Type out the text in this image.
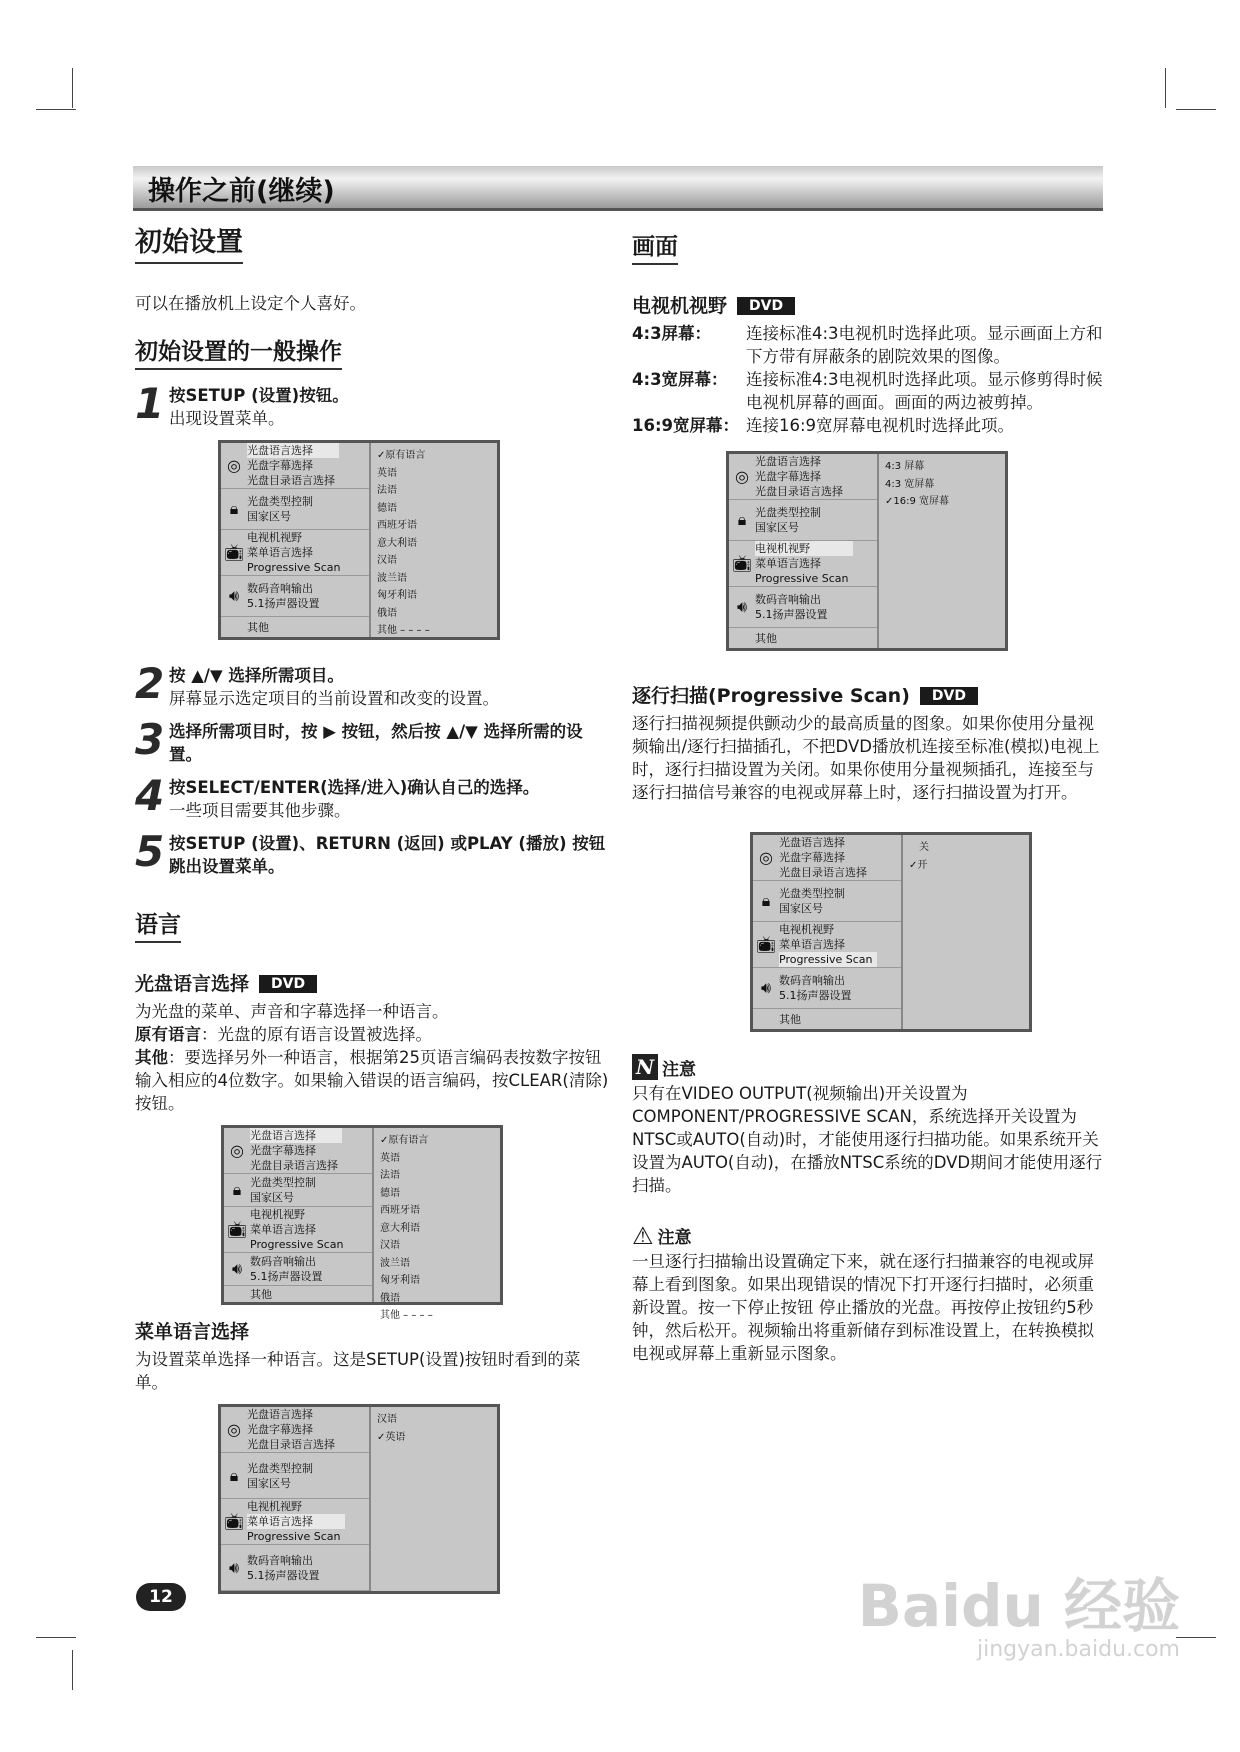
操作之前(继续)
初始设置

可以在播放机上设定个人喜好。

初始设置的一般操作
1 按SETUP (设置)按钮。
出现设置菜单。
◎
光盘语言选择
光盘字幕选择
光盘目录语言选择
🔒︎ 光盘类型控制
国家区号
📺︎
电视机视野
菜单语言选择
Progressive Scan
🔊︎ 数码音响输出
5.1扬声器设置
其他
✓原有语言
英语
法语
德语
西班牙语
意大利语
汉语
波兰语
匈牙利语
俄语
其他 – – – –
2 按 ▲/▼ 选择所需项目。
屏幕显示选定项目的当前设置和改变的设置。
3 选择所需项目时，按 ▶ 按钮，然后按 ▲/▼ 选择所需的设置。
4 按SELECT/ENTER(选择/进入)确认自己的选择。
一些项目需要其他步骤。
5 按SETUP (设置)、RETURN (返回) 或PLAY (播放) 按钮跳出设置菜单。
语言
光盘语言选择 DVD

为光盘的菜单、声音和字幕选择一种语言。

原有语言：光盘的原有语言设置被选择。

其他：要选择另外一种语言，根据第25页语言编码表按数字按钮输入相应的4位数字。如果输入错误的语言编码，按CLEAR(清除)按钮。

◎
光盘语言选择
光盘字幕选择
光盘目录语言选择
🔒︎ 光盘类型控制
国家区号
📺︎
电视机视野
菜单语言选择
Progressive Scan
🔊︎ 数码音响输出
5.1扬声器设置
其他
✓原有语言
英语
法语
德语
西班牙语
意大利语
汉语
波兰语
匈牙利语
俄语
其他 – – – –
菜单语言选择

为设置菜单选择一种语言。这是SETUP(设置)按钮时看到的菜单。

◎
光盘语言选择
光盘字幕选择
光盘目录语言选择
🔒︎ 光盘类型控制
国家区号
📺︎
电视机视野
菜单语言选择
Progressive Scan
🔊︎ 数码音响输出
5.1扬声器设置
汉语
✓英语
画面
电视机视野 DVD
4:3屏幕：	连接标准4:3电视机时选择此项。显示画面上方和下方带有屏蔽条的剧院效果的图像。
4:3宽屏幕：	连接标准4:3电视机时选择此项。显示修剪得时候电视机屏幕的画面。画面的两边被剪掉。
16:9宽屏幕： 连接16:9宽屏幕电视机时选择此项。
◎
光盘语言选择
光盘字幕选择
光盘目录语言选择
🔒︎ 光盘类型控制
国家区号
📺︎
电视机视野
菜单语言选择
Progressive Scan
🔊︎ 数码音响输出
5.1扬声器设置
其他
4:3 屏幕
4:3 宽屏幕
✓16:9 宽屏幕
逐行扫描(Progressive Scan) DVD

逐行扫描视频提供颤动少的最高质量的图象。如果你使用分量视频输出/逐行扫描插孔，不把DVD播放机连接至标准(模拟)电视上时，逐行扫描设置为关闭。如果你使用分量视频插孔，连接至与逐行扫描信号兼容的电视或屏幕上时，逐行扫描设置为打开。

◎
光盘语言选择
光盘字幕选择
光盘目录语言选择
🔒︎ 光盘类型控制
国家区号
📺︎
电视机视野
菜单语言选择
Progressive Scan
🔊︎ 数码音响输出
5.1扬声器设置
其他
关
✓开
N 注意

只有在VIDEO OUTPUT(视频输出)开关设置为COMPONENT/PROGRESSIVE SCAN，系统选择开关设置为NTSC或AUTO(自动)时，才能使用逐行扫描功能。如果系统开关设置为AUTO(自动)，在播放NTSC系统的DVD期间才能使用逐行扫描。

⚠ 注意

一旦逐行扫描输出设置确定下来，就在逐行扫描兼容的电视或屏幕上看到图象。如果出现错误的情况下打开逐行扫描时，必须重新设置。按一下停止按钮 停止播放的光盘。再按停止按钮约5秒钟，然后松开。视频输出将重新储存到标准设置上，在转换模拟电视或屏幕上重新显示图象。

12	Baidu 经验
jingyan.baidu.com
